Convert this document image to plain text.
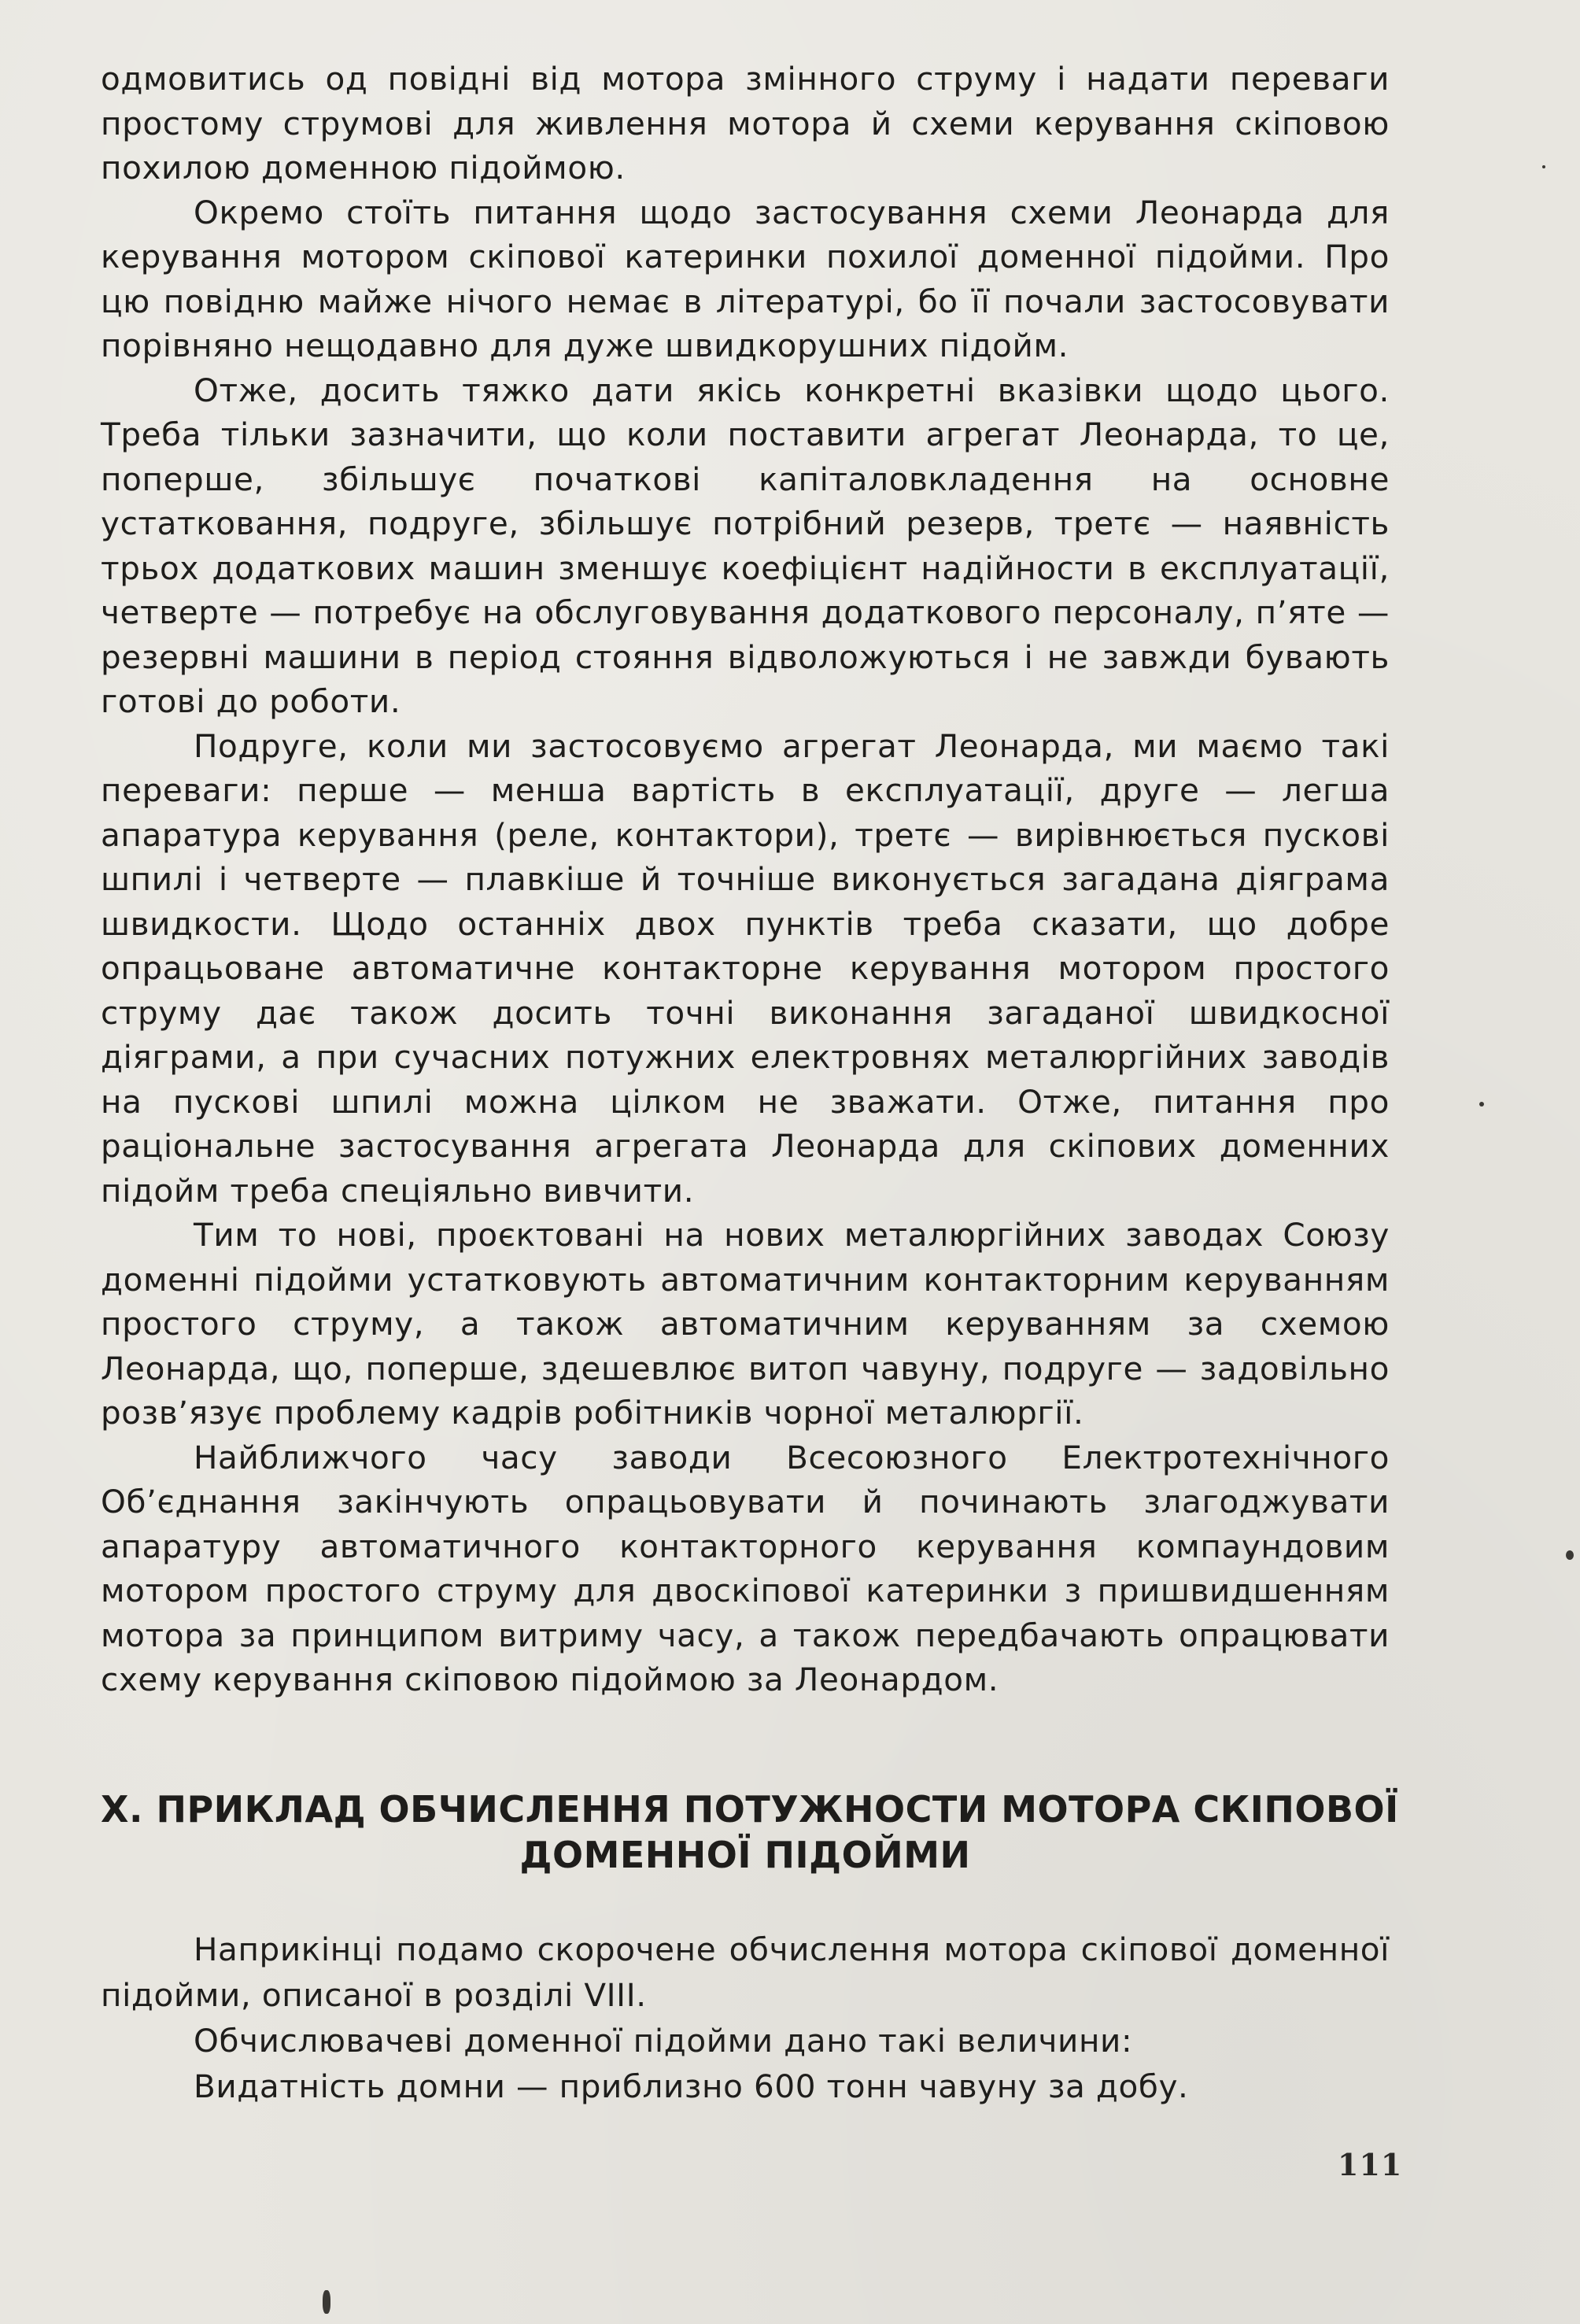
одмовитись од повідні від мотора змінного струму і надати переваги простому струмові для живлення мотора й схеми керування скіповою похилою доменною підоймою.

Окремо стоїть питання щодо застосування схеми Леонарда для керування мотором скіпової катеринки похилої доменної підойми. Про цю повідню майже нічого немає в літературі, бо її почали застосовувати порівняно нещодавно для дуже швидкорушних підойм.

Отже, досить тяжко дати якісь конкретні вказівки щодо цього. Треба тільки зазначити, що коли поставити агрегат Леонарда, то це, поперше, збільшує початкові капіталовкладення на основне устатковання, подруге, збільшує потрібний резерв, третє — наявність трьох додаткових машин зменшує коефіцієнт надійности в експлуатації, четверте — потребує на обслуговування додаткового персоналу, п’яте — резервні машини в період стояння відволожуються і не завжди бувають готові до роботи.

Подруге, коли ми застосовуємо агрегат Леонарда, ми маємо такі переваги: перше — менша вартість в експлуатації, друге — легша апаратура керування (реле, контактори), третє — вирівнюється пускові шпилі і четверте — плавкіше й точніше виконується загадана діяграма швидкости. Щодо останніх двох пунктів треба сказати, що добре опрацьоване автоматичне контакторне керування мотором простого струму дає також досить точні виконання загаданої швидкосної діяграми, а при сучасних потужних електровнях металюргійних заводів на пускові шпилі можна цілком не зважати. Отже, питання про раціональне застосування агрегата Леонарда для скіпових доменних підойм треба спеціяльно вивчити.

Тим то нові, проєктовані на нових металюргійних заводах Союзу доменні підойми устатковують автоматичним контакторним керуванням простого струму, а також автоматичним керуванням за схемою Леонарда, що, поперше, здешевлює витоп чавуну, подруге — задовільно розв’язує проблему кадрів робітників чорної металюргії.

Найближчого часу заводи Всесоюзного Електротехнічного Об’єднання закінчують опрацьовувати й починають злагоджувати апаратуру автоматичного контакторного керування компаундовим мотором простого струму для двоскіпової катеринки з пришвидшенням мотора за принципом витриму часу, а також передбачають опрацювати схему керування скіповою підоймою за Леонардом.

Х. ПРИКЛАД ОБЧИСЛЕННЯ ПОТУЖНОСТИ МОТОРА СКІПОВОЇ
ДОМЕННОЇ ПІДОЙМИ

Наприкінці подамо скорочене обчислення мотора скіпової доменної підойми, описаної в розділі VIII.

Обчислювачеві доменної підойми дано такі величини:

Видатність домни — приблизно 600 тонн чавуну за добу.

111
